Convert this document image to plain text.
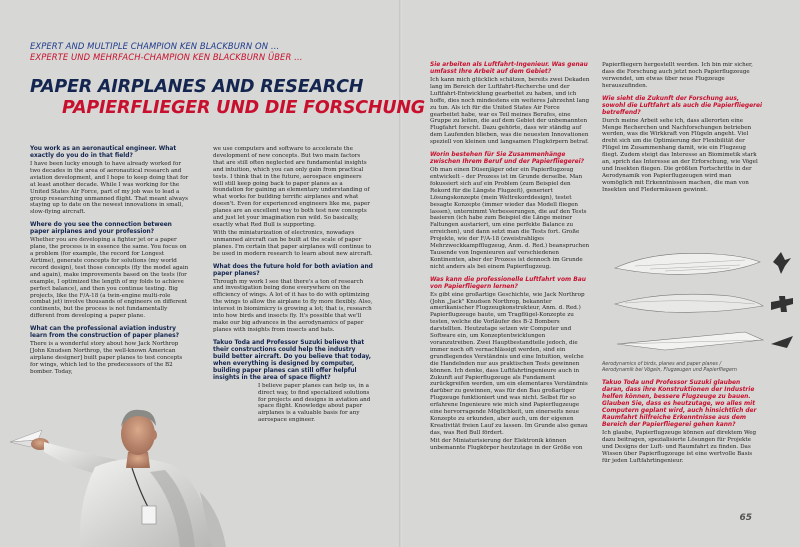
EXPERT AND MULTIPLE CHAMPION KEN BLACKBURN ON …
EXPERTE UND MEHRFACH-CHAMPION KEN BLACKBURN ÜBER …
PAPER AIRPLANES AND RESEARCH
PAPIERFLIEGER UND DIE FORSCHUNG
You work as an aeronautical engineer. What exactly do you do in that field?

I have been lucky enough to have already worked for two decades in the area of aeronautical research and aviation development, and I hope to keep doing that for at least another decade. While I was working for the United States Air Force, part of my job was to lead a group researching unmanned flight. That meant always staying up to date on the newest innovations in small, slow-flying aircraft.

Where do you see the connection between paper airplanes and your profession?

Whether you are developing a fighter jet or a paper plane, the process is in essence the same. You focus on a problem (for example, the record for Longest Airtime), generate concepts for solutions (my world record design), test those concepts (fly the model again and again), make improvements based on the tests (for example, I optimized the length of my folds to achieve perfect balance), and then you continue testing. Big projects, like the F/A-18 (a twin-engine multi-role combat jet) involve thousands of engineers on different continents, but the process is not fundamentally different from developing a paper plane.

What can the professional aviation industry learn from the construction of paper planes?

There is a wonderful story about how Jack Northrop [John Knudsen Northrop, the well-known American airplane designer] built paper planes to test concepts for wings, which led to the predecessors of the B2 bomber. Today,

we use computers and software to accelerate the development of new concepts. But two main factors that are still often neglected are fundamental insights and intuition, which you can only gain from practical tests. I think that in the future, aerospace engineers will still keep going back to paper planes as a foundation for gaining an elementary understanding of what works for building terrific airplanes and what doesn't. Even for experienced engineers like me, paper planes are an excellent way to both test new concepts and just let your imagination run wild. So basically, exactly what Red Bull is supporting.

With the miniaturization of electronics, nowadays unmanned aircraft can be built at the scale of paper planes. I'm certain that paper airplanes will continue to be used in modern research to learn about new aircraft.

What does the future hold for both aviation and paper planes?

Through my work I see that there's a ton of research and investigation being done everywhere on the efficiency of wings. A lot of it has to do with optimizing the wings to allow the airplane to fly more flexibly. Also, interest in biomimicry is growing a lot; that is, research into how birds and insects fly. It's possible that we'll make our big advances in the aerodynamics of paper planes with insights from insects and bats.

Takuo Toda and Professor Suzuki believe that their constructions could help the industry build better aircraft. Do you believe that today, when everything is designed by computer, building paper planes can still offer helpful insights in the area of space flight?

I believe paper planes can help us, in a direct way, to find specialized solutions for projects and designs in aviation and space flight. Knowledge about paper airplanes is a valuable basis for any aerospace engineer.

Sie arbeiten als Luftfahrt-Ingenieur. Was genau umfasst Ihre Arbeit auf dem Gebiet?

Ich kann mich glücklich schätzen, bereits zwei Dekaden lang im Bereich der Luftfahrt-Recherche und der Luftfahrt-Entwicklung gearbeitet zu haben, und ich hoffe, dies noch mindestens ein weiteres Jahrzehnt lang zu tun. Als ich für die United States Air Force gearbeitet habe, war es Teil meines Berufes, eine Gruppe zu leiten, die auf dem Gebiet der unbemannten Flugfahrt forscht. Dazu gehörte, dass wir ständig auf dem Laufenden blieben, was die neuesten Innovationen speziell von kleinen und langsamen Flugkörpern betraf.

Worin bestehen für Sie Zusammenhänge zwischen Ihrem Beruf und der Papierfliegerei?

Ob man einen Düsenjäger oder ein Papierflugzeug entwickelt – der Prozess ist im Grunde derselbe. Man fokussiert sich auf ein Problem (zum Beispiel den Rekord für die Längste Flugzeit), generiert Lösungskonzepte (mein Weltrekorddesign), testet besagte Konzepte (immer wieder das Modell fliegen lassen), unternimmt Verbesserungen, die auf den Tests basieren (ich habe zum Beispiel die Länge meiner Faltungen austariert, um eine perfekte Balance zu erreichen), und dann setzt man die Tests fort. Große Projekte, wie der F/A-18 (zweistrahliges Mehrzweckkampfflugzeug, Anm. d. Red.) beanspruchen Tausende von Ingenieuren auf verschiedenen Kontinenten, aber der Prozess ist dennoch im Grunde nicht anders als bei einem Papierflugzeug.

Was kann die professionelle Luftfahrt vom Bau von Papierfliegern lernen?

Es gibt eine großartige Geschichte, wie Jack Northrop (John „Jack" Knudsen Northrop, bekannter amerikanischer Flugzeugkonstrukteur, Anm. d. Red.) Papierflugzeuge baute, um Tragflügel-Konzepte zu testen, welche die Vorläufer des B-2 Bombers darstellten. Heutzutage setzen wir Computer und Software ein, um Konzeptentwicklungen voranzutreiben. Zwei Hauptbestandteile jedoch, die immer noch oft vernachlässigt werden, sind ein grundlegendes Verständnis und eine Intuition, welche die Handelnden nur aus praktischen Tests gewinnen können. Ich denke, dass Luftfahrtingenieure auch in Zukunft auf Papierflugzeuge als Fundament zurückgreifen werden, um ein elementares Verständnis darüber zu gewinnen, was für den Bau großartiger Flugzeuge funktioniert und was nicht. Selbst für so erfahrene Ingenieure wie mich sind Papierflugzeuge eine hervorragende Möglichkeit, um einerseits neue Konzepte zu erkunden, aber auch, um der eigenen Kreativität freien Lauf zu lassen. Im Grunde also genau das, was Red Bull fördert.

Mit der Miniaturisierung der Elektronik können unbemannte Flugkörper heutzutage in der Größe von

Papierfliegern hergestellt werden. Ich bin mir sicher, dass die Forschung auch jetzt noch Papierflugzeuge verwendet, um etwas über neue Flugzeuge herauszufinden.

Wie sieht die Zukunft der Forschung aus, sowohl die Luftfahrt als auch die Papierfliegerei betreffend?

Durch meine Arbeit sehe ich, dass allerorten eine Menge Recherchen und Nachforschungen betrieben werden, was die Wirkkraft von Flügeln angeht. Viel dreht sich um die Optimierung der Flexibilität der Flügel im Zusammenhang damit, wie ein Flugzeug fliegt. Zudem steigt das Interesse an Biomimetik stark an, sprich das Interesse an der Erforschung, wie Vögel und Insekten fliegen. Die größten Fortschritte in der Aerodynamik von Papierflugzeugen wird man womöglich mit Erkenntnissen machen, die man von Insekten und Fledermäusen gewinnt.

Aerodynamics of birds, planes and paper planes / Aerodynamik bei Vögeln, Flugzeugen und Papierfliegern
Takuo Toda und Professor Suzuki glauben daran, dass ihre Konstruktionen der Industrie helfen können, bessere Flugzeuge zu bauen. Glauben Sie, dass es heutzutage, wo alles mit Computern geplant wird, auch hinsichtlich der Raumfahrt hilfreiche Erkenntnisse aus dem Bereich der Papierfliegerei gehen kann?

Ich glaube, Papierflugzeuge können auf direktem Weg dazu beitragen, spezialisierte Lösungen für Projekte und Designs der Luft- und Raumfahrt zu finden. Das Wissen über Papierflugzeuge ist eine wertvolle Basis für jeden Luftfahrtingenieur.

65
